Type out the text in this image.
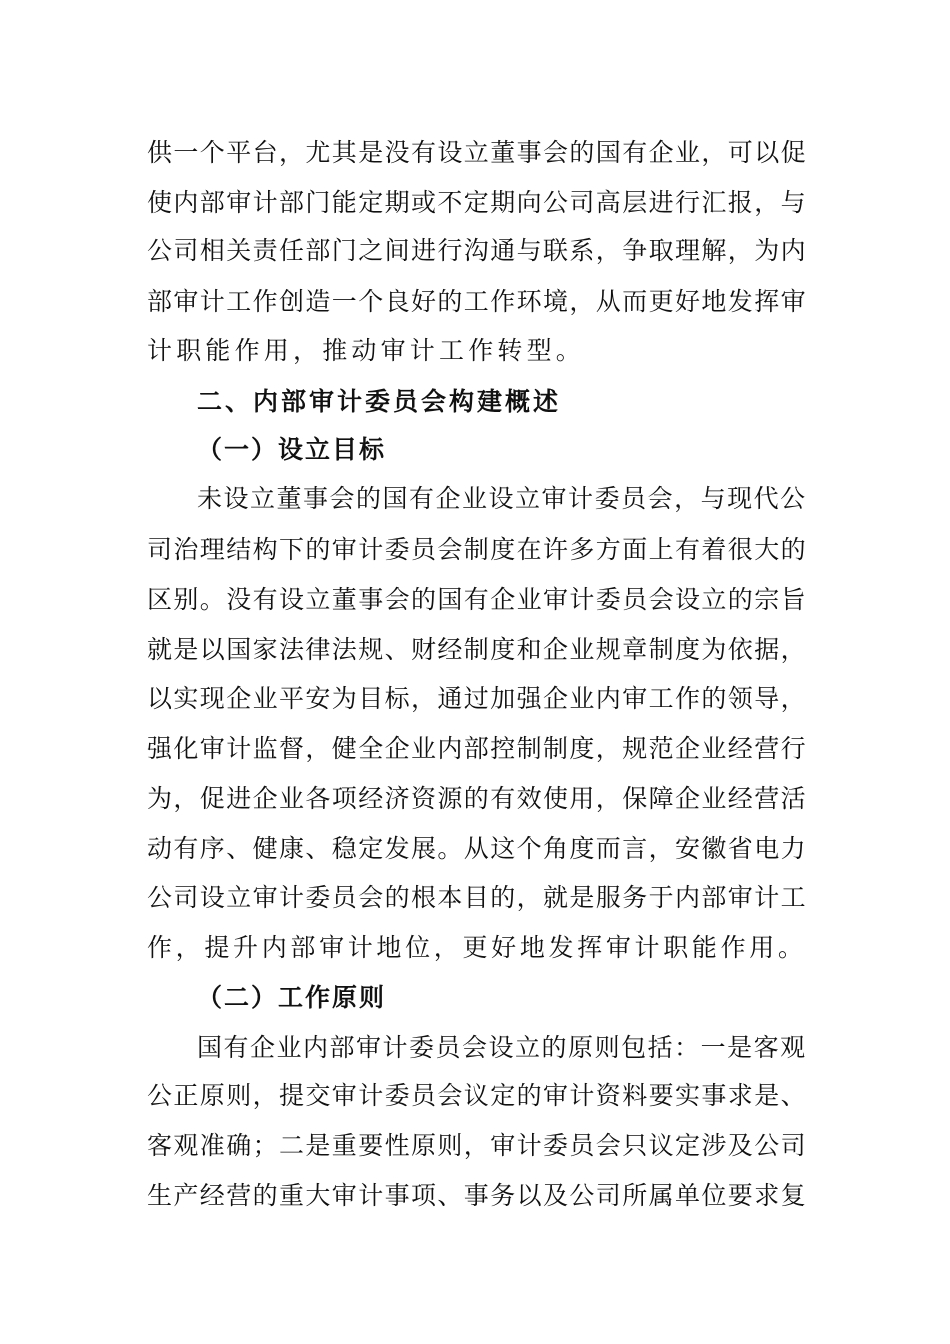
供一个平台，尤其是没有设立董事会的国有企业，可以促
使内部审计部门能定期或不定期向公司高层进行汇报，与
公司相关责任部门之间进行沟通与联系，争取理解，为内
部审计工作创造一个良好的工作环境，从而更好地发挥审
计职能作用，推动审计工作转型。
二、内部审计委员会构建概述
（一）设立目标
未设立董事会的国有企业设立审计委员会，与现代公
司治理结构下的审计委员会制度在许多方面上有着很大的
区别。没有设立董事会的国有企业审计委员会设立的宗旨
就是以国家法律法规、财经制度和企业规章制度为依据，
以实现企业平安为目标，通过加强企业内审工作的领导，
强化审计监督，健全企业内部控制制度，规范企业经营行
为，促进企业各项经济资源的有效使用，保障企业经营活
动有序、健康、稳定发展。从这个角度而言，安徽省电力
公司设立审计委员会的根本目的，就是服务于内部审计工
作，提升内部审计地位，更好地发挥审计职能作用。
（二）工作原则
国有企业内部审计委员会设立的原则包括：一是客观
公正原则，提交审计委员会议定的审计资料要实事求是、
客观准确；二是重要性原则，审计委员会只议定涉及公司
生产经营的重大审计事项、事务以及公司所属单位要求复
